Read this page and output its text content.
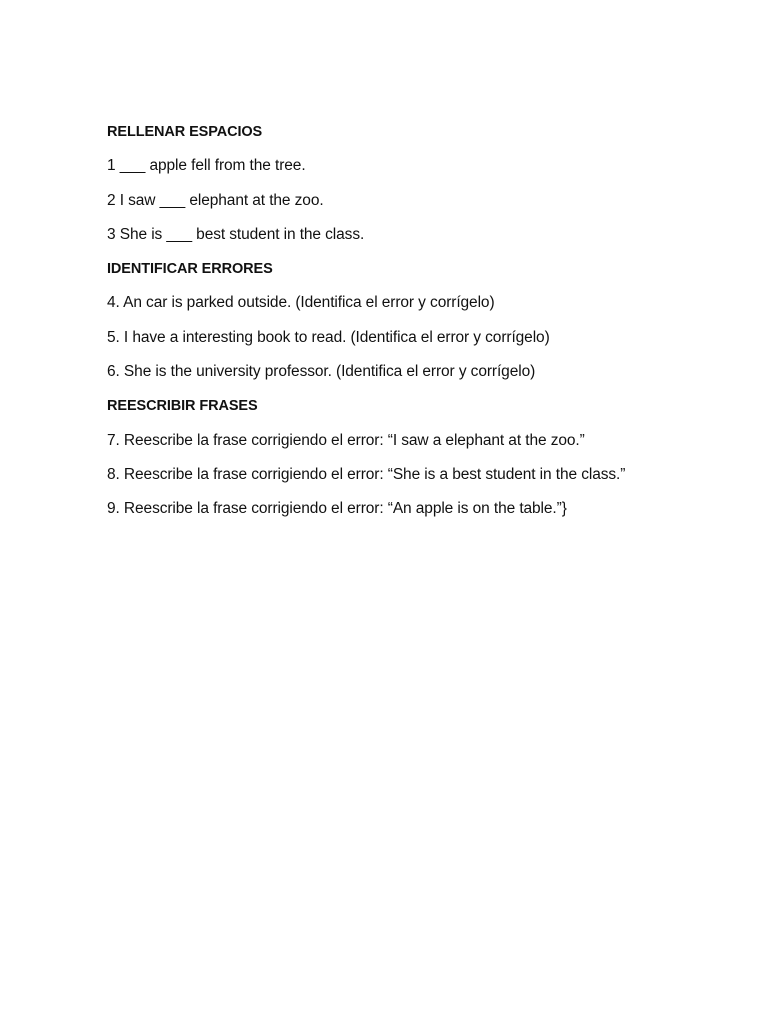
RELLENAR ESPACIOS
1 ___ apple fell from the tree.
2 I saw ___ elephant at the zoo.
3 She is ___ best student in the class.
IDENTIFICAR ERRORES
4. An car is parked outside. (Identifica el error y corrígelo)
5. I have a interesting book to read. (Identifica el error y corrígelo)
6. She is the university professor. (Identifica el error y corrígelo)
REESCRIBIR FRASES
7. Reescribe la frase corrigiendo el error: “I saw a elephant at the zoo.”
8. Reescribe la frase corrigiendo el error: “She is a best student in the class.”
9. Reescribe la frase corrigiendo el error: “An apple is on the table.”}
